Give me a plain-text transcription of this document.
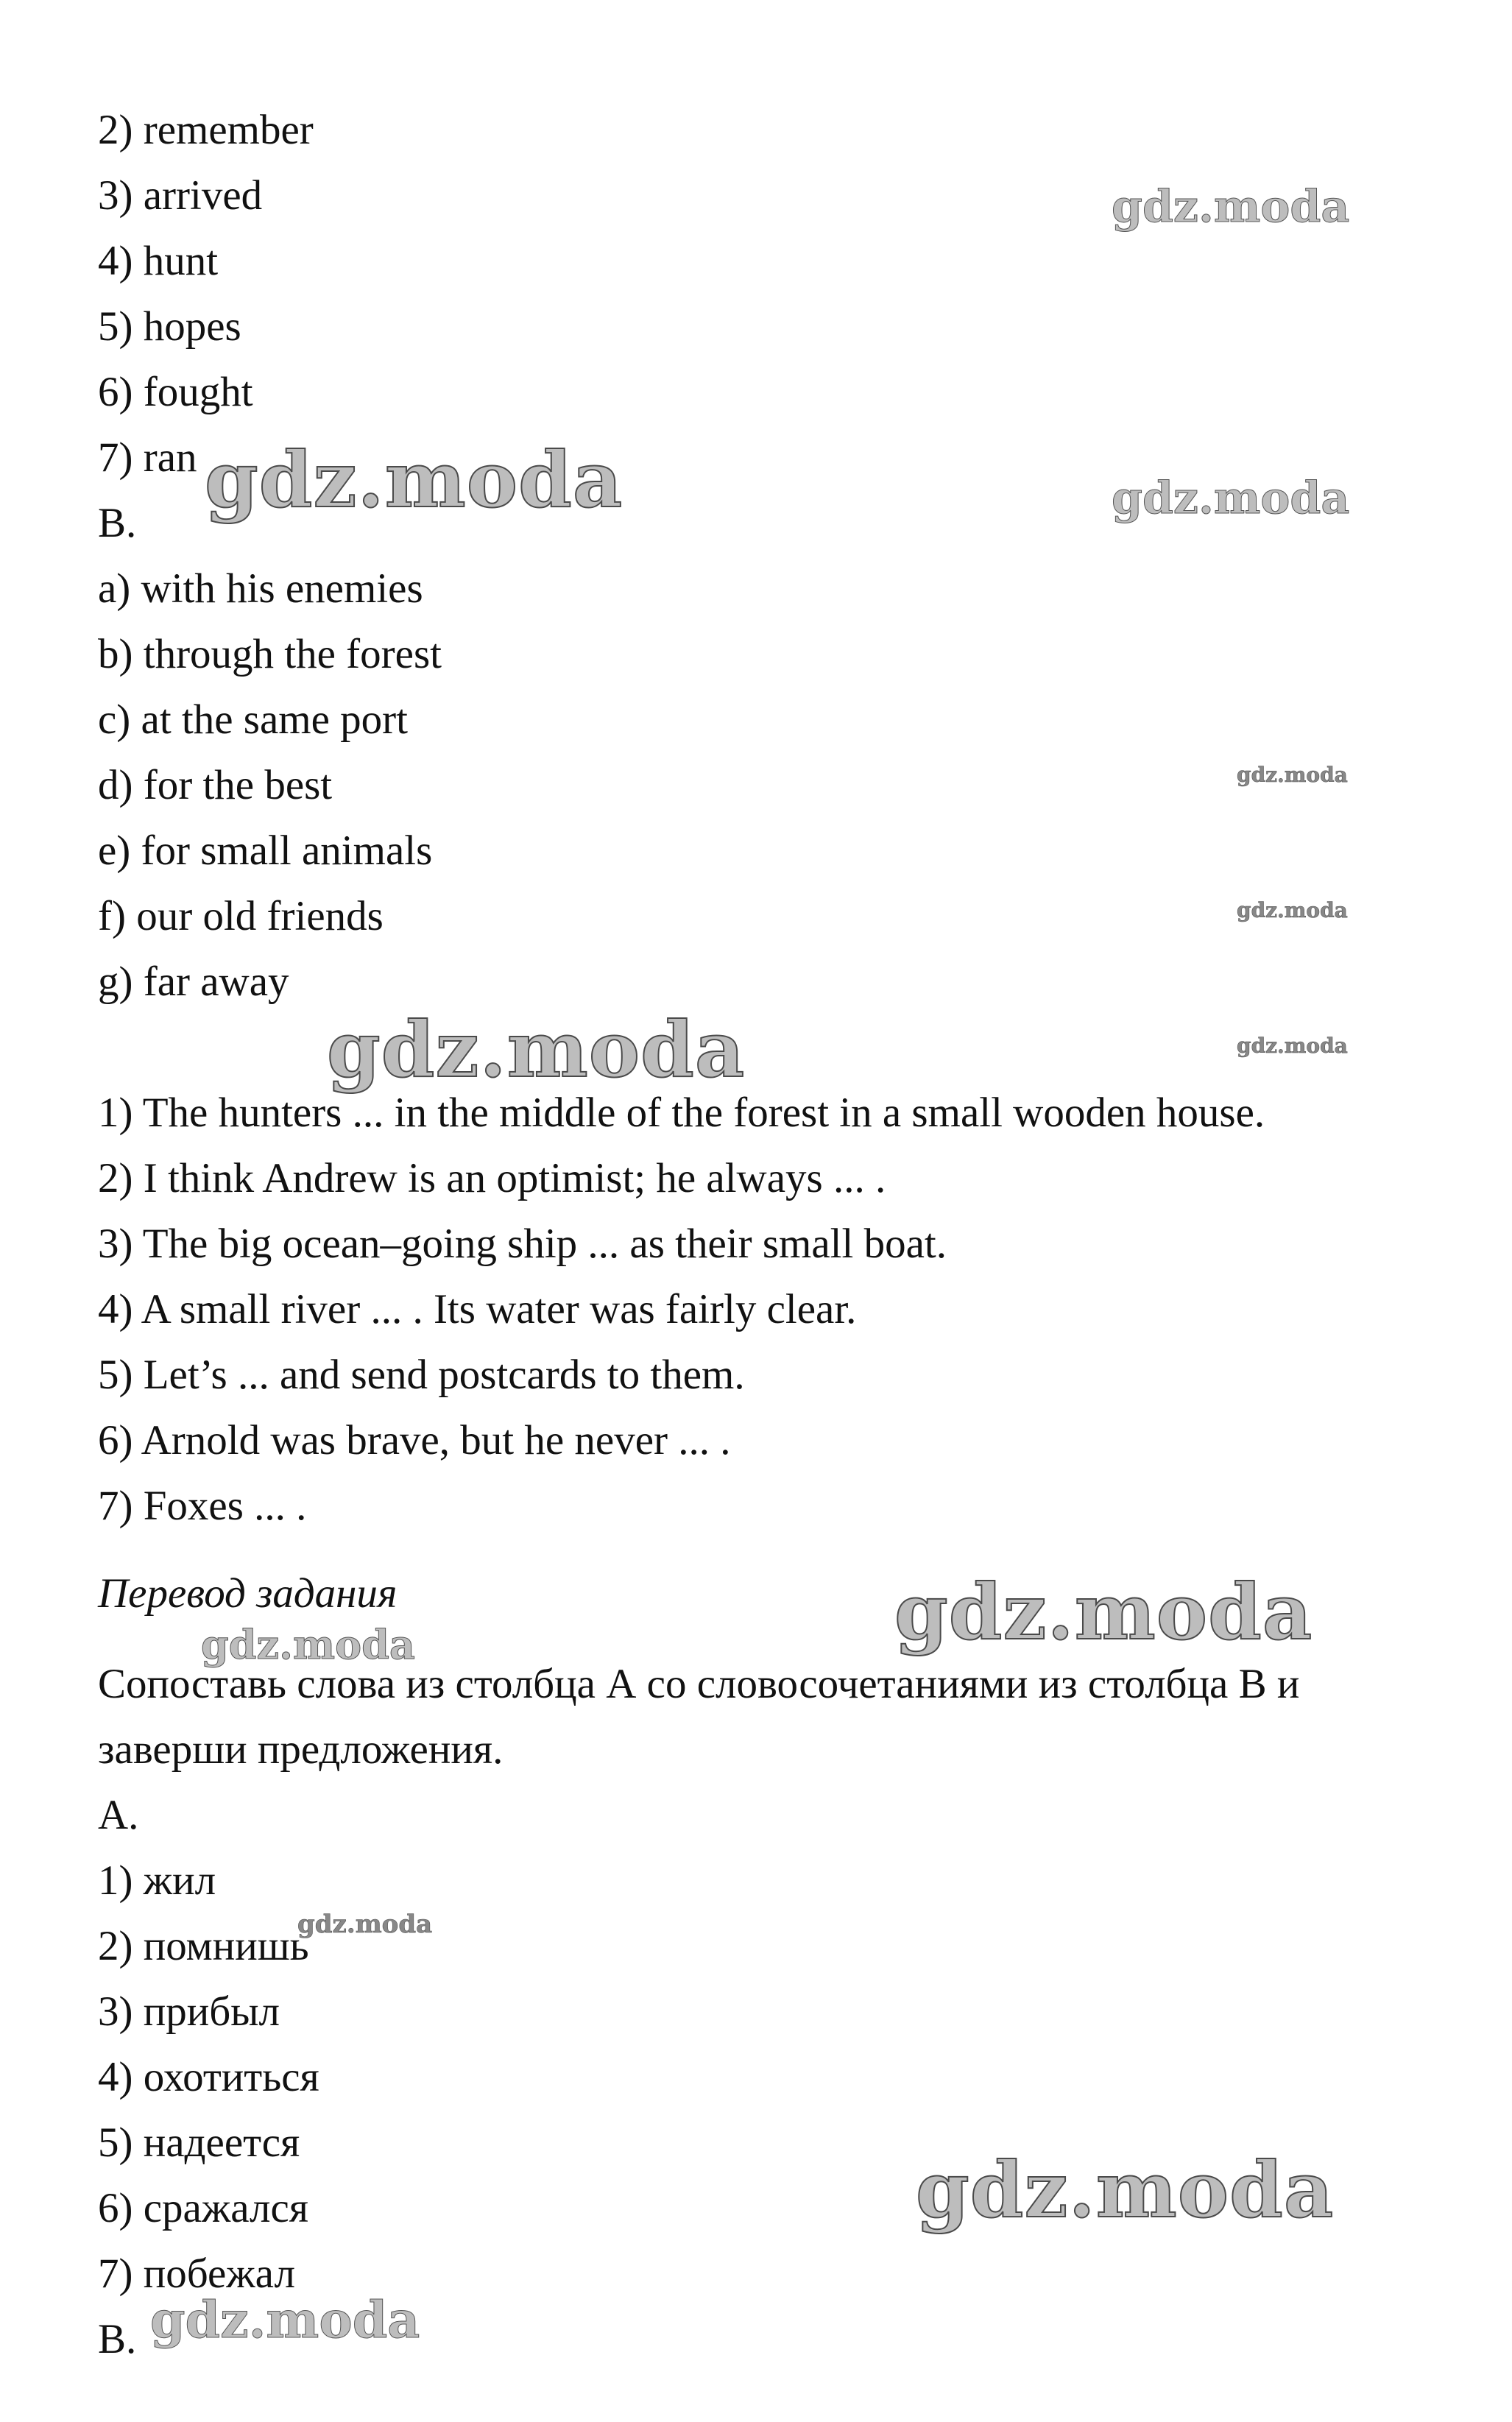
2) remember
3) arrived
4) hunt
5) hopes
6) fought
7) ran
B.
a) with his enemies
b) through the forest
c) at the same port
d) for the best
e) for small animals
f) our old friends
g) far away
1) The hunters ... in the middle of the forest in a small wooden house.
2) I think Andrew is an optimist; he always ... .
3) The big ocean–going ship ... as their small boat.
4) A small river ... . Its water was fairly clear.
5) Let’s ... and send postcards to them.
6) Arnold was brave, but he never ... .
7) Foxes ... .
Перевод задания
Сопоставь слова из столбца А со словосочетаниями из столбца В и
заверши предложения.
А.
1) жил
2) помнишь
3) прибыл
4) охотиться
5) надеется
6) сражался
7) побежал
В.
gdz.moda
gdz.moda	gdz.moda
gdz.moda
gdz.moda
gdz.moda
gdz.moda
gdz.moda
gdz.moda
gdz.moda
gdz.moda
gdz.moda
